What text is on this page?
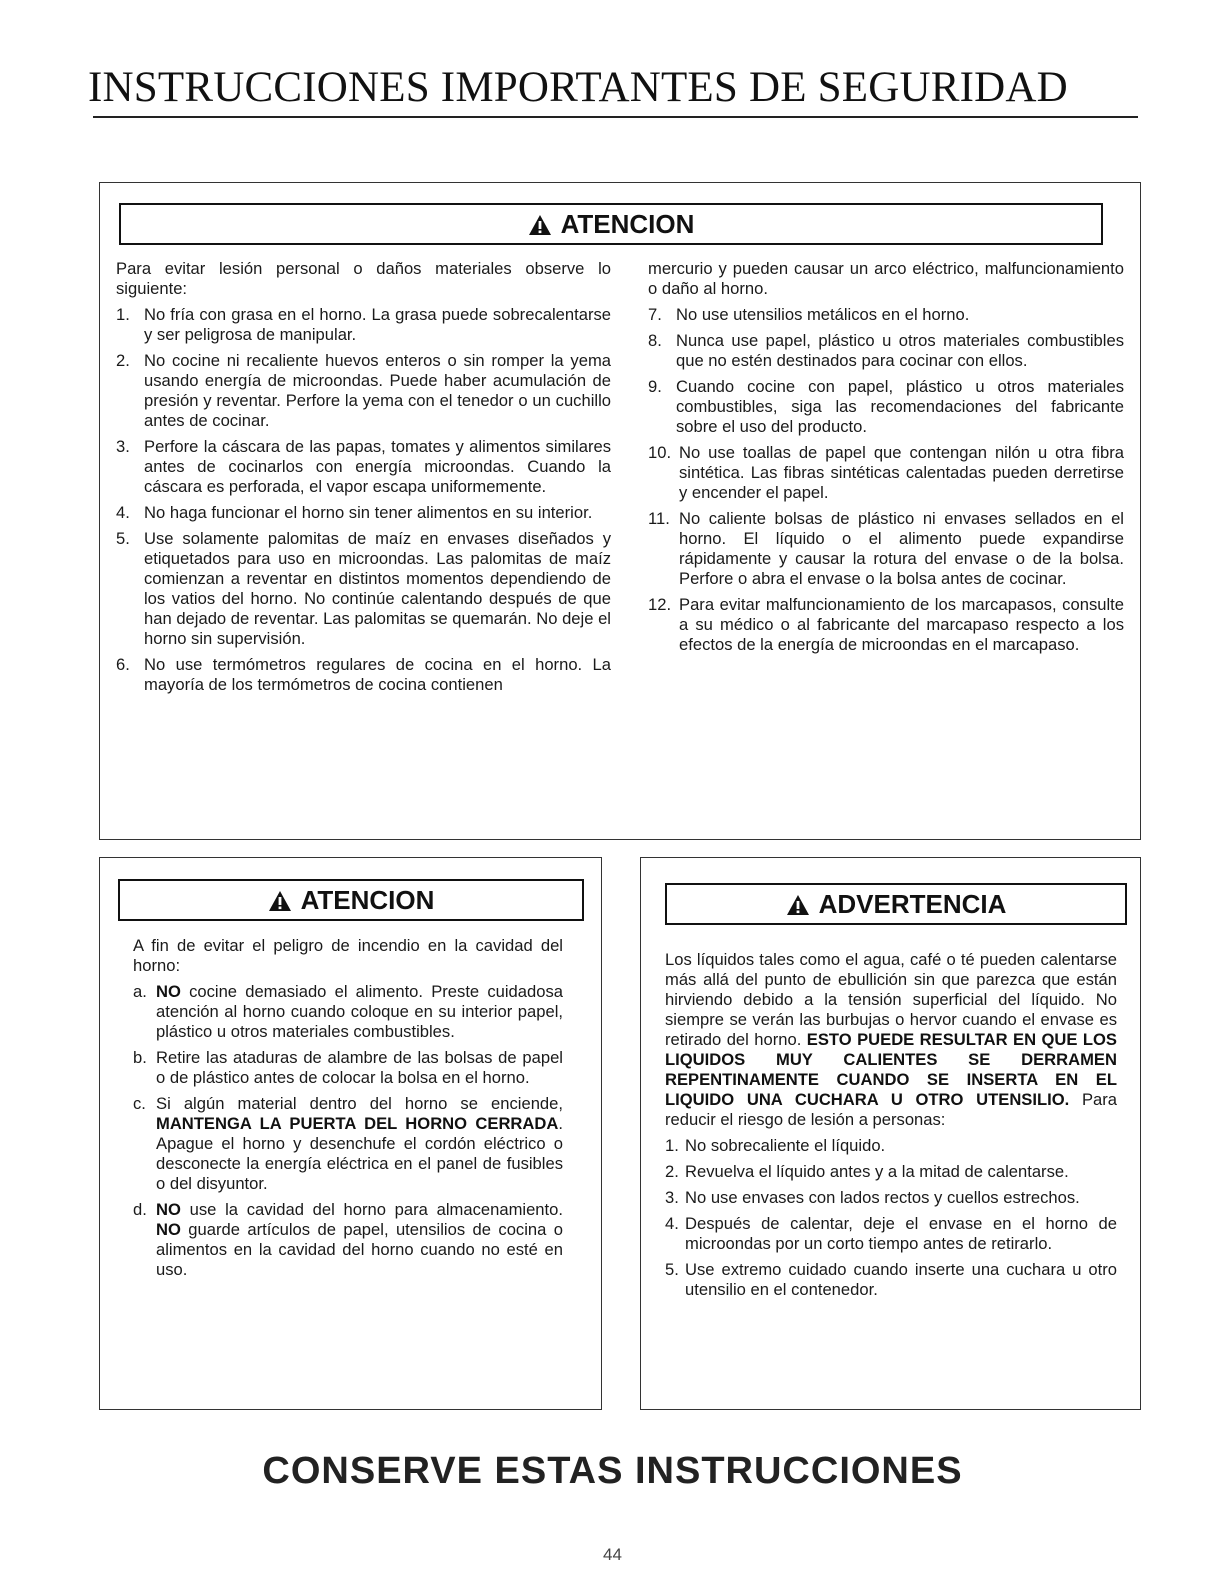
INSTRUCCIONES IMPORTANTES DE SEGURIDAD
ATENCION

Para evitar lesión personal o daños materiales observe lo siguiente:

1. No fría con grasa en el horno. La grasa puede sobrecalentarse y ser peligrosa de manipular.
2. No cocine ni recaliente huevos enteros o sin romper la yema usando energía de microondas. Puede haber acumulación de presión y reventar. Perfore la yema con el tenedor o un cuchillo antes de cocinar.
3. Perfore la cáscara de las papas, tomates y alimentos similares antes de cocinarlos con energía microondas. Cuando la cáscara es perforada, el vapor escapa uniformemente.
4. No haga funcionar el horno sin tener alimentos en su interior.
5. Use solamente palomitas de maíz en envases diseñados y etiquetados para uso en microondas. Las palomitas de maíz comienzan a reventar en distintos momentos dependiendo de los vatios del horno. No continúe calentando después de que han dejado de reventar. Las palomitas se quemarán. No deje el horno sin supervisión.
6. No use termómetros regulares de cocina en el horno. La mayoría de los termómetros de cocina contienen

mercurio y pueden causar un arco eléctrico, malfuncionamiento o daño al horno.

7. No use utensilios metálicos en el horno.
8. Nunca use papel, plástico u otros materiales combustibles que no estén destinados para cocinar con ellos.
9. Cuando cocine con papel, plástico u otros materiales combustibles, siga las recomendaciones del fabricante sobre el uso del producto.
10. No use toallas de papel que contengan nilón u otra fibra sintética. Las fibras sintéticas calentadas pueden derretirse y encender el papel.
11. No caliente bolsas de plástico ni envases sellados en el horno. El líquido o el alimento puede expandirse rápidamente y causar la rotura del envase o de la bolsa. Perfore o abra el envase o la bolsa antes de cocinar.
12. Para evitar malfuncionamiento de los marcapasos, consulte a su médico o al fabricante del marcapaso respecto a los efectos de la energía de microondas en el marcapaso.
ATENCION

A fin de evitar el peligro de incendio en la cavidad del horno:

a. NO cocine demasiado el alimento. Preste cuidadosa atención al horno cuando coloque en su interior papel, plástico u otros materiales combustibles.
b. Retire las ataduras de alambre de las bolsas de papel o de plástico antes de colocar la bolsa en el horno.
c. Si algún material dentro del horno se enciende, MANTENGA LA PUERTA DEL HORNO CERRADA. Apague el horno y desenchufe el cordón eléctrico o desconecte la energía eléctrica en el panel de fusibles o del disyuntor.
d. NO use la cavidad del horno para almacenamiento. NO guarde artículos de papel, utensilios de cocina o alimentos en la cavidad del horno cuando no esté en uso.
ADVERTENCIA

Los líquidos tales como el agua, café o té pueden calentarse más allá del punto de ebullición sin que parezca que están hirviendo debido a la tensión superficial del líquido. No siempre se verán las burbujas o hervor cuando el envase es retirado del horno. ESTO PUEDE RESULTAR EN QUE LOS LIQUIDOS MUY CALIENTES SE DERRAMEN REPENTINAMENTE CUANDO SE INSERTA EN EL LIQUIDO UNA CUCHARA U OTRO UTENSILIO. Para reducir el riesgo de lesión a personas:

1. No sobrecaliente el líquido.
2. Revuelva el líquido antes y a la mitad de calentarse.
3. No use envases con lados rectos y cuellos estrechos.
4. Después de calentar, deje el envase en el horno de microondas por un corto tiempo antes de retirarlo.
5. Use extremo cuidado cuando inserte una cuchara u otro utensilio en el contenedor.
CONSERVE ESTAS INSTRUCCIONES
44
